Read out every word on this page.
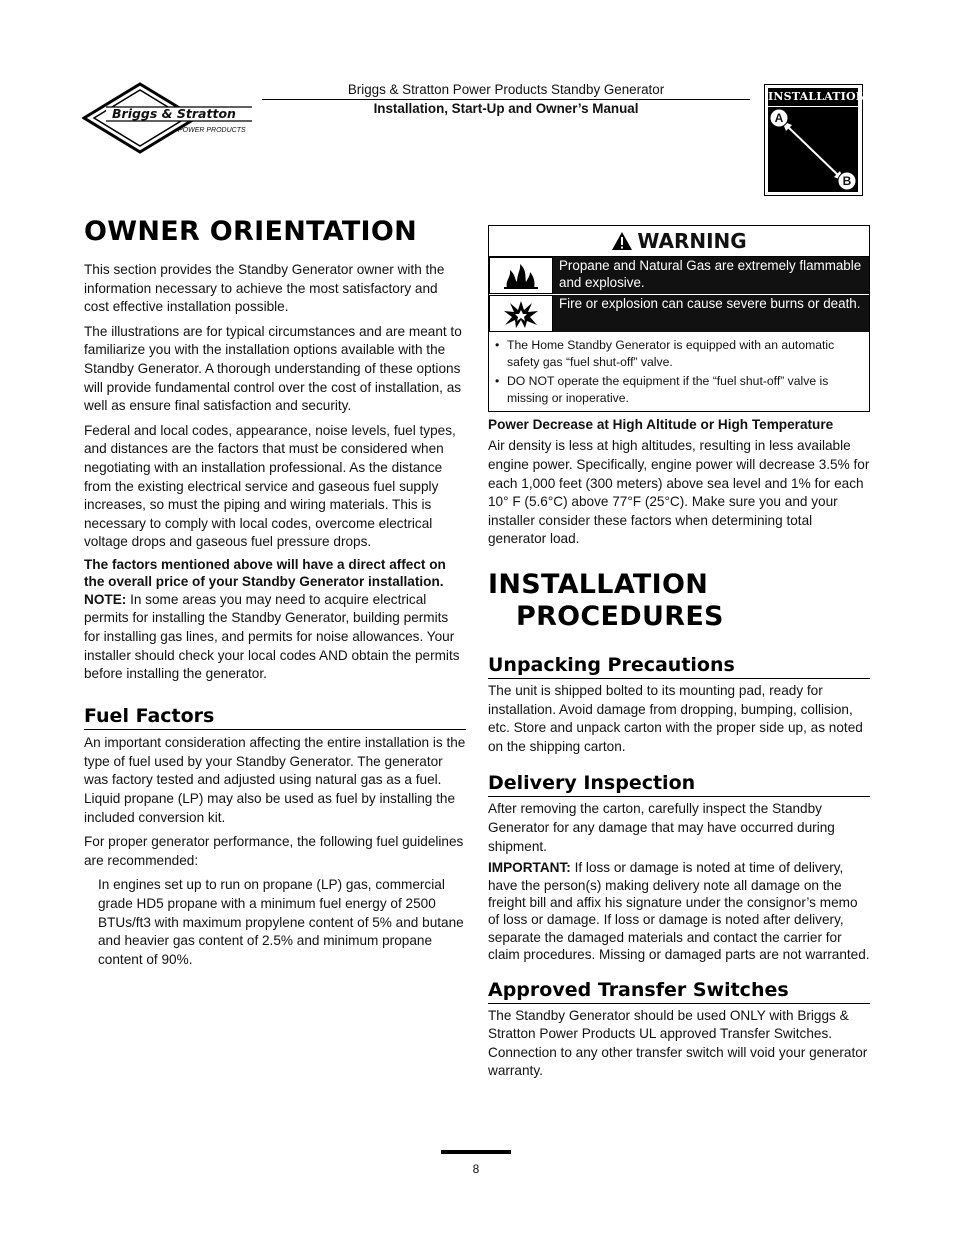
Briggs & Stratton
POWER PRODUCTS
Briggs & Stratton Power Products Standby Generator
Installation, Start-Up and Owner’s Manual
INSTALLATION
A
B
OWNER ORIENTATION

This section provides the Standby Generator owner with the information necessary to achieve the most satisfactory and cost effective installation possible.

The illustrations are for typical circumstances and are meant to familiarize you with the installation options available with the Standby Generator. A thorough understanding of these options will provide fundamental control over the cost of installation, as well as ensure final satisfaction and security.

Federal and local codes, appearance, noise levels, fuel types, and distances are the factors that must be considered when negotiating with an installation professional. As the distance from the existing electrical service and gaseous fuel supply increases, so must the piping and wiring materials. This is necessary to comply with local codes, overcome electrical voltage drops and gaseous fuel pressure drops.

The factors mentioned above will have a direct affect on the overall price of your Standby Generator installation.

NOTE: In some areas you may need to acquire electrical permits for installing the Standby Generator, building permits for installing gas lines, and permits for noise allowances. Your installer should check your local codes AND obtain the permits before installing the generator.

Fuel Factors

An important consideration affecting the entire installation is the type of fuel used by your Standby Generator. The generator was factory tested and adjusted using natural gas as a fuel. Liquid propane (LP) may also be used as fuel by installing the included conversion kit.

For proper generator performance, the following fuel guidelines are recommended:

In engines set up to run on propane (LP) gas, commercial grade HD5 propane with a minimum fuel energy of 2500 BTUs/ft3 with maximum propylene content of 5% and butane and heavier gas content of 2.5% and minimum propane content of 90%.

WARNING
Propane and Natural Gas are extremely flammable and explosive.
Fire or explosion can cause severe burns or death.
• The Home Standby Generator is equipped with an automatic safety gas “fuel shut-off” valve.
• DO NOT operate the equipment if the “fuel shut-off” valve is missing or inoperative.

Power Decrease at High Altitude or High Temperature

Air density is less at high altitudes, resulting in less available engine power. Specifically, engine power will decrease 3.5% for each 1,000 feet (300 meters) above sea level and 1% for each 10° F (5.6°C) above 77°F (25°C). Make sure you and your installer consider these factors when determining total generator load.

INSTALLATION
PROCEDURES
Unpacking Precautions

The unit is shipped bolted to its mounting pad, ready for installation. Avoid damage from dropping, bumping, collision, etc. Store and unpack carton with the proper side up, as noted on the shipping carton.

Delivery Inspection

After removing the carton, carefully inspect the Standby Generator for any damage that may have occurred during shipment.

IMPORTANT: If loss or damage is noted at time of delivery, have the person(s) making delivery note all damage on the freight bill and affix his signature under the consignor’s memo of loss or damage. If loss or damage is noted after delivery, separate the damaged materials and contact the carrier for claim procedures. Missing or damaged parts are not warranted.

Approved Transfer Switches

The Standby Generator should be used ONLY with Briggs & Stratton Power Products UL approved Transfer Switches. Connection to any other transfer switch will void your generator warranty.

8
